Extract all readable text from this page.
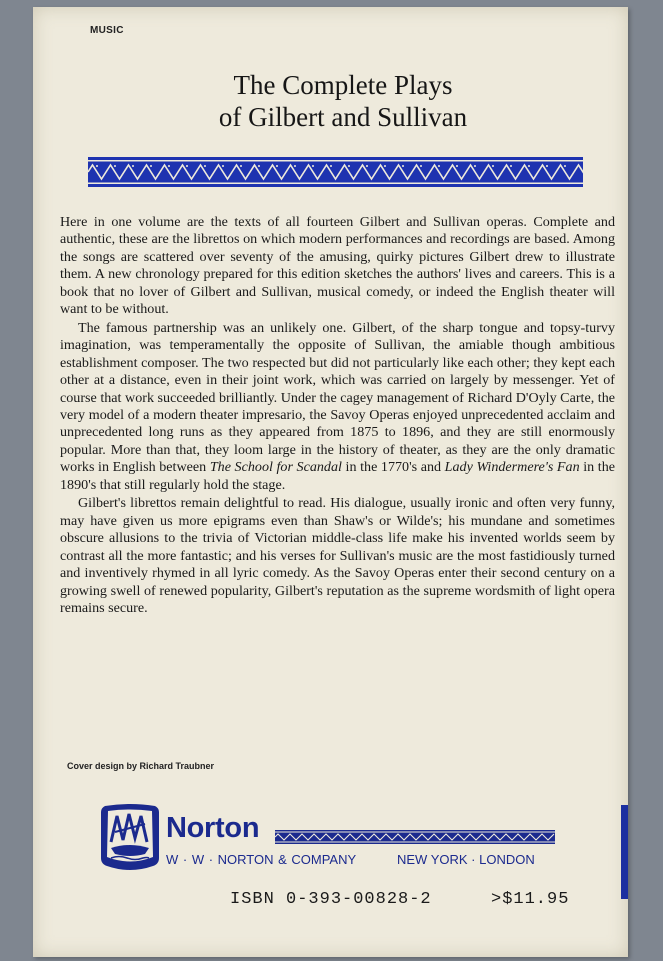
MUSIC
The Complete Plays
of Gilbert and Sullivan

Here in one volume are the texts of all fourteen Gilbert and Sullivan operas. Complete and authentic, these are the librettos on which modern performances and recordings are based. Among the songs are scattered over seventy of the amusing, quirky pictures Gilbert drew to illustrate them. A new chronology prepared for this edition sketches the authors' lives and careers. This is a book that no lover of Gilbert and Sullivan, musical comedy, or indeed the English theater will want to be without.

The famous partnership was an unlikely one. Gilbert, of the sharp tongue and topsy-turvy imagination, was temperamentally the opposite of Sullivan, the amiable though ambitious establishment composer. The two respected but did not particularly like each other; they kept each other at a distance, even in their joint work, which was carried on largely by messenger. Yet of course that work succeeded brilliantly. Under the cagey management of Richard D'Oyly Carte, the very model of a modern theater impresario, the Savoy Operas enjoyed unprecedented acclaim and unprecedented long runs as they appeared from 1875 to 1896, and they are still enormously popular. More than that, they loom large in the history of theater, as they are the only dramatic works in English between The School for Scandal in the 1770's and Lady Windermere's Fan in the 1890's that still regularly hold the stage.

Gilbert's librettos remain delightful to read. His dialogue, usually ironic and often very funny, may have given us more epigrams even than Shaw's or Wilde's; his mundane and sometimes obscure allusions to the trivia of Victorian middle-class life make his invented worlds seem by contrast all the more fantastic; and his verses for Sullivan's music are the most fastidiously turned and inventively rhymed in all lyric comedy. As the Savoy Operas enter their second century on a growing swell of renewed popularity, Gilbert's reputation as the supreme wordsmith of light opera remains secure.

Cover design by Richard Traubner
Norton
W · W · NORTON & COMPANY	NEW YORK · LONDON
ISBN 0-393-00828-2	>$11.95
